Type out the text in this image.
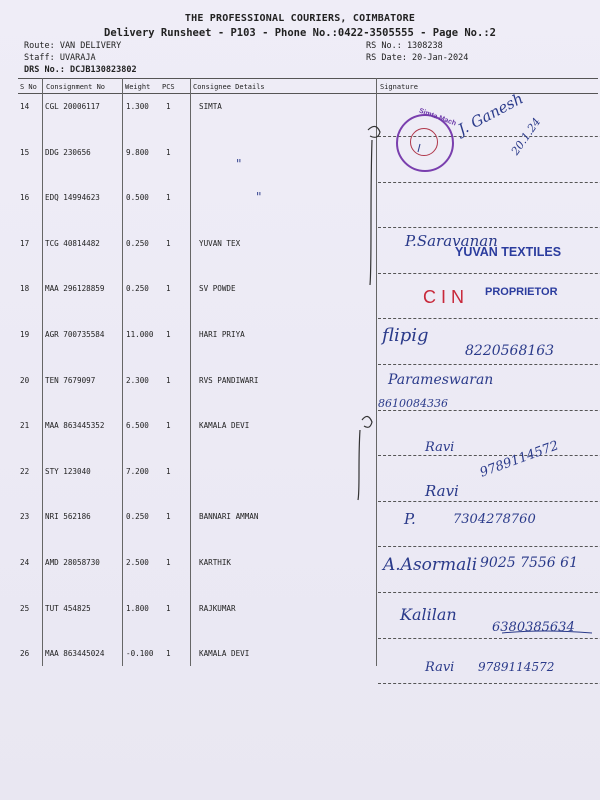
THE PROFESSIONAL COURIERS, COIMBATORE
Delivery Runsheet - P103 - Phone No.:0422-3505555 - Page No.:2
Route: VAN DELIVERY
Staff: UVARAJA
DRS No.: DCJB130823802
RS No.: 1308238
RS Date: 20-Jan-2024
S No Consignment No	Weight PCS	Consignee Details	Signature
14 CGL 20006117	1.300 1	SIMTA
15 DDG 230656	9.800 1
16 EDQ 14994623	0.500 1
17 TCG 40814482	0.250 1	YUVAN TEX
18 MAA 296128859	0.250 1	SV POWDE
19 AGR 700735584	11.000 1	HARI PRIYA
20 TEN 7679097	2.300 1	RVS PANDIWARI
21 MAA 863445352	6.500 1	KAMALA DEVI
22 STY 123040	7.200 1
23 NRI 562186	0.250 1	BANNARI AMMAN
24 AMD 28058730	2.500 1	KARTHIK
25 TUT 454825	1.800 1	RAJKUMAR
26 MAA 863445024	-0.100 1	KAMALA DEVI
Simta Mach
J. Ganesh
20.1.24
"
"
P.Saravanan
YUVAN TEXTILES
PROPRIETOR
C I N
flipig
8220568163
Parameswaran
8610084336
Ravi 9789114572
Ravi
P.	7304278760
A.Asormali 9025 7556 61
Kalilan
6380385634
Ravi 9789114572
